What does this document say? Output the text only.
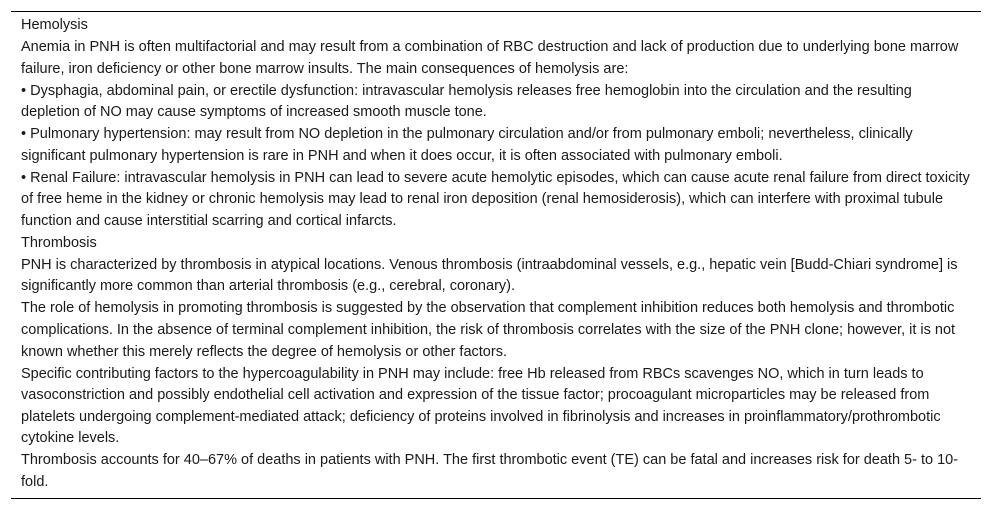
Hemolysis

Anemia in PNH is often multifactorial and may result from a combination of RBC destruction and lack of production due to underlying bone marrow failure, iron deficiency or other bone marrow insults. The main consequences of hemolysis are:

• Dysphagia, abdominal pain, or erectile dysfunction: intravascular hemolysis releases free hemoglobin into the circulation and the resulting depletion of NO may cause symptoms of increased smooth muscle tone.

• Pulmonary hypertension: may result from NO depletion in the pulmonary circulation and/or from pulmonary emboli; nevertheless, clinically significant pulmonary hypertension is rare in PNH and when it does occur, it is often associated with pulmonary emboli.

• Renal Failure: intravascular hemolysis in PNH can lead to severe acute hemolytic episodes, which can cause acute renal failure from direct toxicity of free heme in the kidney or chronic hemolysis may lead to renal iron deposition (renal hemosiderosis), which can interfere with proximal tubule function and cause interstitial scarring and cortical infarcts.

Thrombosis

PNH is characterized by thrombosis in atypical locations. Venous thrombosis (intraabdominal vessels, e.g., hepatic vein [Budd-Chiari syndrome] is significantly more common than arterial thrombosis (e.g., cerebral, coronary).

The role of hemolysis in promoting thrombosis is suggested by the observation that complement inhibition reduces both hemolysis and thrombotic complications. In the absence of terminal complement inhibition, the risk of thrombosis correlates with the size of the PNH clone; however, it is not known whether this merely reflects the degree of hemolysis or other factors.

Specific contributing factors to the hypercoagulability in PNH may include: free Hb released from RBCs scavenges NO, which in turn leads to vasoconstriction and possibly endothelial cell activation and expression of the tissue factor; procoagulant microparticles may be released from platelets undergoing complement-mediated attack; deficiency of proteins involved in fibrinolysis and increases in proinflammatory/prothrombotic cytokine levels.

Thrombosis accounts for 40–67% of deaths in patients with PNH. The first thrombotic event (TE) can be fatal and increases risk for death 5- to 10-fold.
